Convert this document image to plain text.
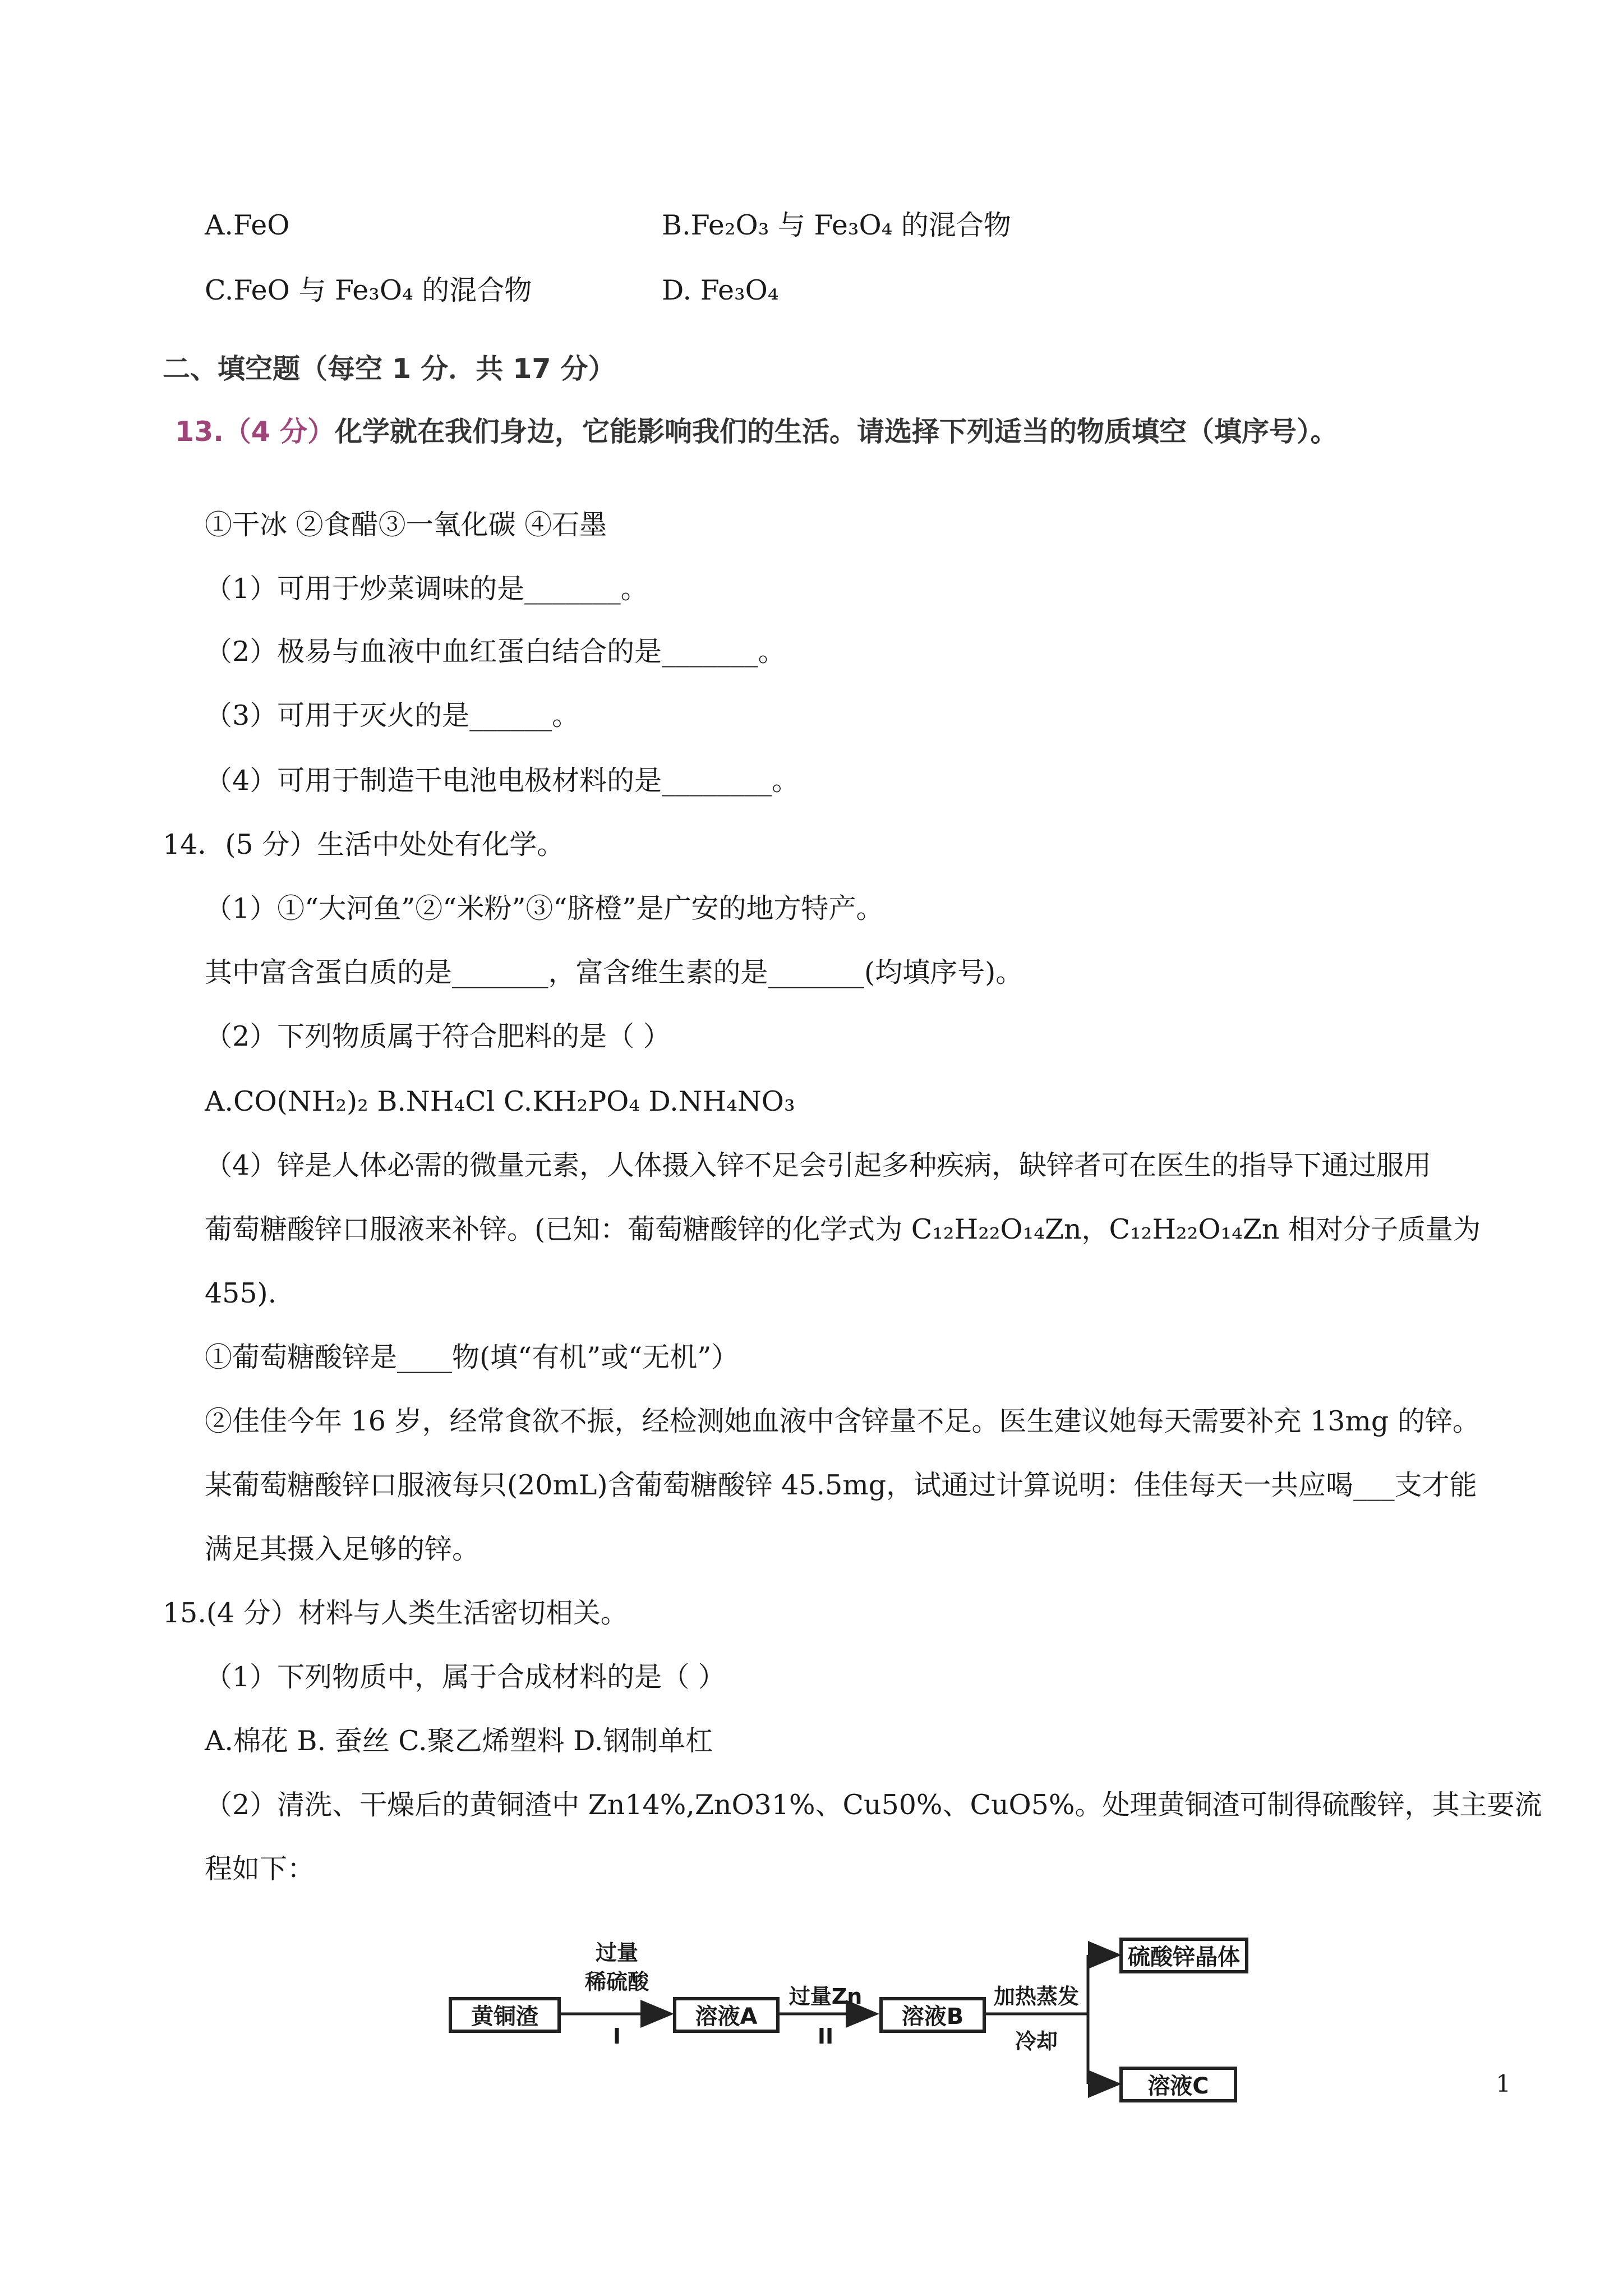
A.FeO	B.Fe₂O₃ 与 Fe₃O₄ 的混合物
C.FeO 与 Fe₃O₄ 的混合物	D. Fe₃O₄
二、填空题（每空 1 分．共 17 分）
13.（4 分）化学就在我们身边，它能影响我们的生活。请选择下列适当的物质填空（填序号）。
①干冰 ②食醋③一氧化碳 ④石墨
（1）可用于炒菜调味的是_______。
（2）极易与血液中血红蛋白结合的是_______。
（3）可用于灭火的是______。
（4）可用于制造干电池电极材料的是________。
14．(5 分）生活中处处有化学。
（1）①“大河鱼”②“米粉”③“脐橙”是广安的地方特产。
其中富含蛋白质的是_______，富含维生素的是_______(均填序号)。
（2）下列物质属于符合肥料的是（ ）
A.CO(NH₂)₂ B.NH₄Cl C.KH₂PO₄ D.NH₄NO₃
（4）锌是人体必需的微量元素，人体摄入锌不足会引起多种疾病，缺锌者可在医生的指导下通过服用
葡萄糖酸锌口服液来补锌。(已知：葡萄糖酸锌的化学式为 C₁₂H₂₂O₁₄Zn，C₁₂H₂₂O₁₄Zn 相对分子质量为
455).
①葡萄糖酸锌是____物(填“有机”或“无机”）
②佳佳今年 16 岁，经常食欲不振，经检测她血液中含锌量不足。医生建议她每天需要补充 13mg 的锌。
某葡萄糖酸锌口服液每只(20mL)含葡萄糖酸锌 45.5mg，试通过计算说明：佳佳每天一共应喝___支才能
满足其摄入足够的锌。
15.(4 分）材料与人类生活密切相关。
（1）下列物质中，属于合成材料的是（ ）
A.棉花 B. 蚕丝 C.聚乙烯塑料 D.钢制单杠
（2）清洗、干燥后的黄铜渣中 Zn14%,ZnO31%、Cu50%、CuO5%。处理黄铜渣可制得硫酸锌，其主要流
程如下：
黄铜渣	溶液A	溶液B
硫酸锌晶体
溶液C
过量
稀硫酸
I
过量Zn
II
加热蒸发
冷却
1
